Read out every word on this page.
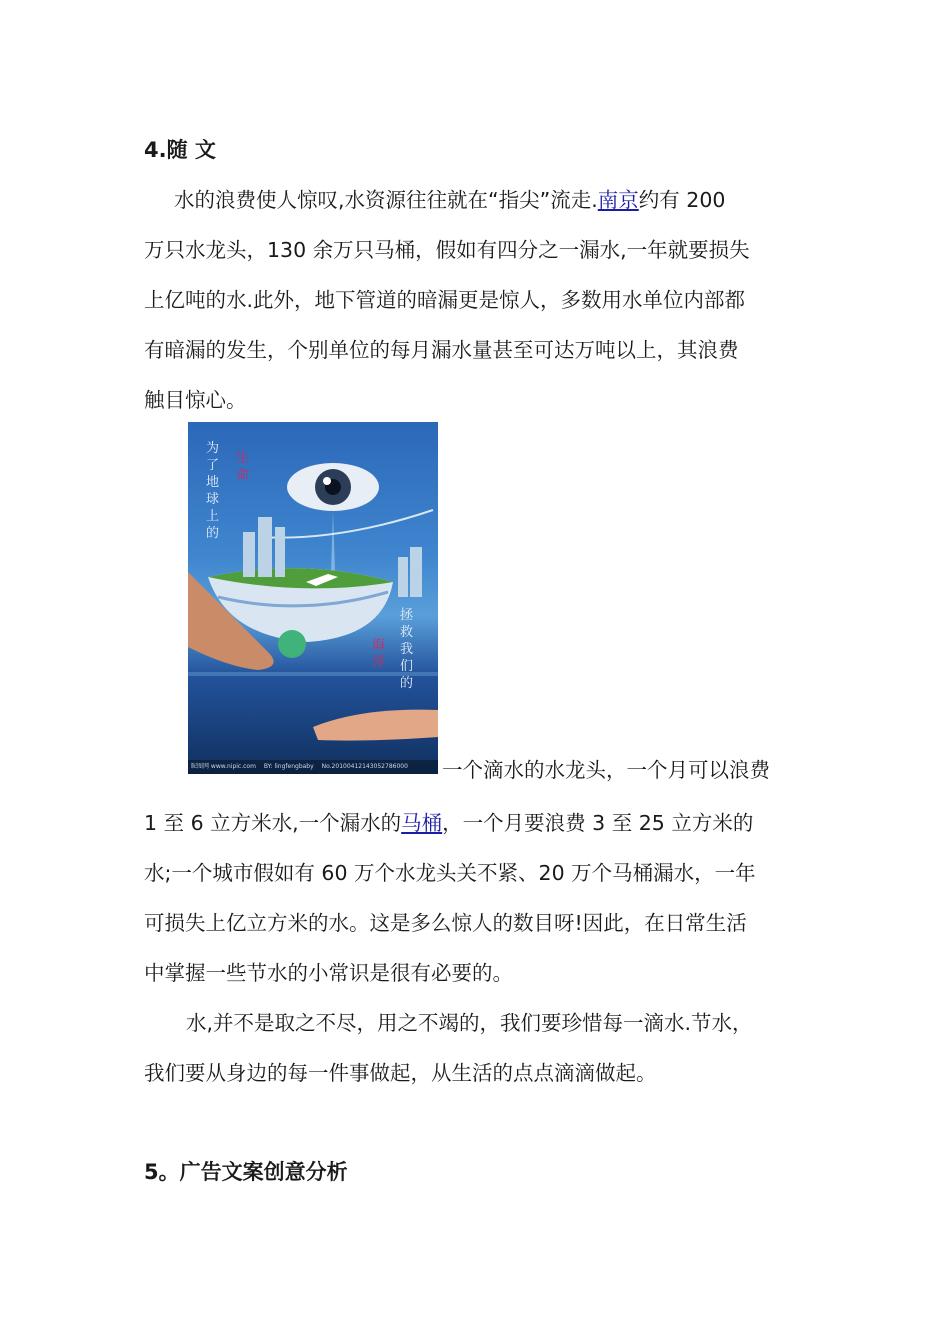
4.随 文
水的浪费使人惊叹,水资源往往就在“指尖”流走.南京约有 200
万只水龙头，130 余万只马桶，假如有四分之一漏水,一年就要损失
上亿吨的水.此外，地下管道的暗漏更是惊人，多数用水单位内部都
有暗漏的发生，个别单位的每月漏水量甚至可达万吨以上，其浪费
触目惊心。
为了地球上的
生命
拯救我们的
海洋
昵图网 www.nipic.com BY: lingfengbaby No.20100412143052786000	一个滴水的水龙头，一个月可以浪费
1 至 6 立方米水,一个漏水的马桶，一个月要浪费 3 至 25 立方米的
水;一个城市假如有 60 万个水龙头关不紧、20 万个马桶漏水，一年
可损失上亿立方米的水。这是多么惊人的数目呀!因此，在日常生活
中掌握一些节水的小常识是很有必要的。
水,并不是取之不尽，用之不竭的，我们要珍惜每一滴水.节水，
我们要从身边的每一件事做起，从生活的点点滴滴做起。
5。广告文案创意分析
